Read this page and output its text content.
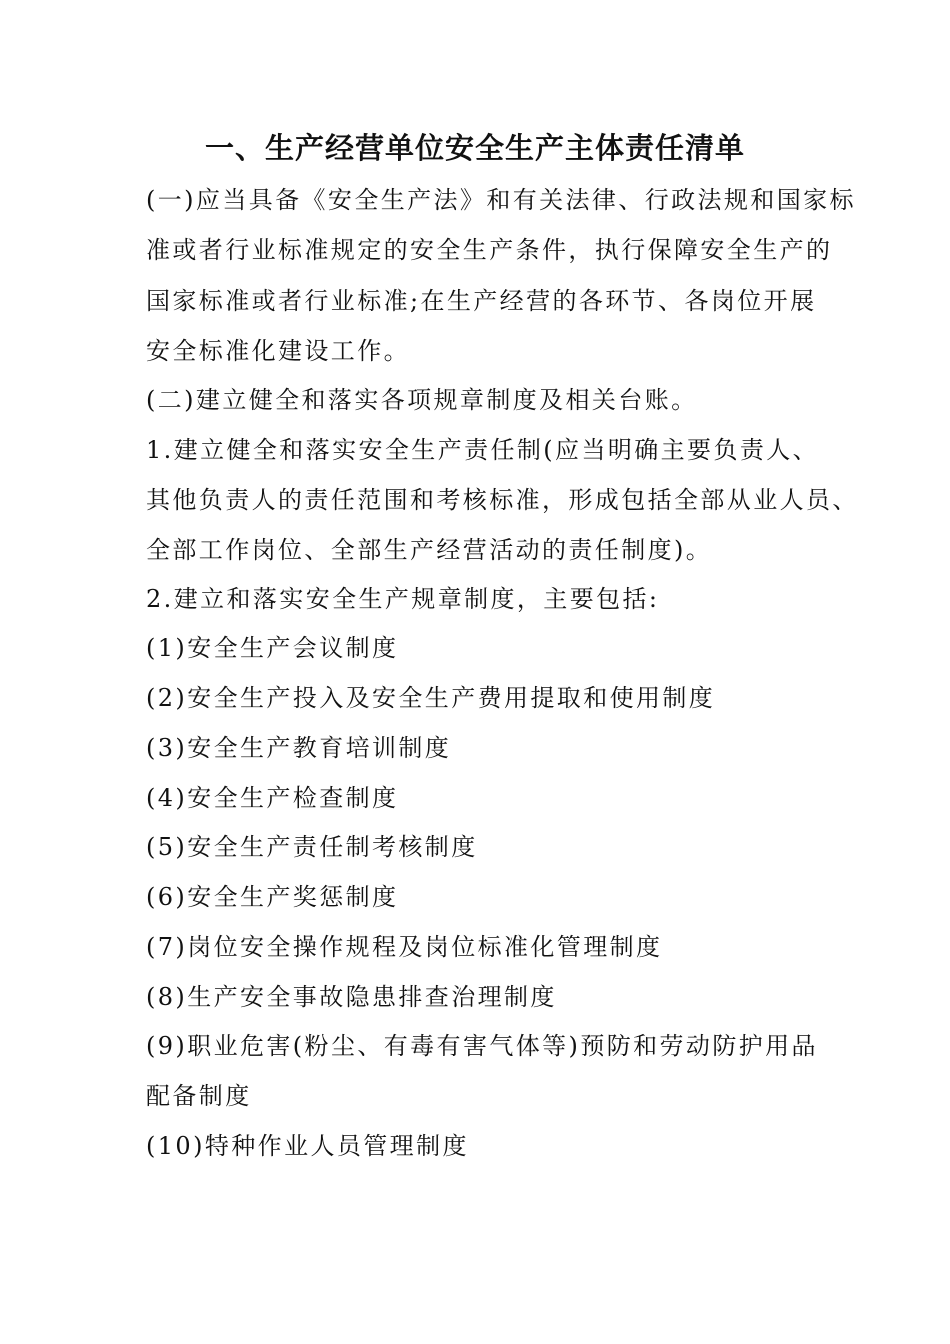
一、生产经营单位安全生产主体责任清单
(一)应当具备《安全生产法》和有关法律、行政法规和国家标
准或者行业标准规定的安全生产条件，执行保障安全生产的
国家标准或者行业标准;在生产经营的各环节、各岗位开展
安全标准化建设工作。
(二)建立健全和落实各项规章制度及相关台账。
1.建立健全和落实安全生产责任制(应当明确主要负责人、
其他负责人的责任范围和考核标准，形成包括全部从业人员、
全部工作岗位、全部生产经营活动的责任制度)。
2.建立和落实安全生产规章制度，主要包括:
(1)安全生产会议制度
(2)安全生产投入及安全生产费用提取和使用制度
(3)安全生产教育培训制度
(4)安全生产检查制度
(5)安全生产责任制考核制度
(6)安全生产奖惩制度
(7)岗位安全操作规程及岗位标准化管理制度
(8)生产安全事故隐患排查治理制度
(9)职业危害(粉尘、有毒有害气体等)预防和劳动防护用品
配备制度
(10)特种作业人员管理制度
